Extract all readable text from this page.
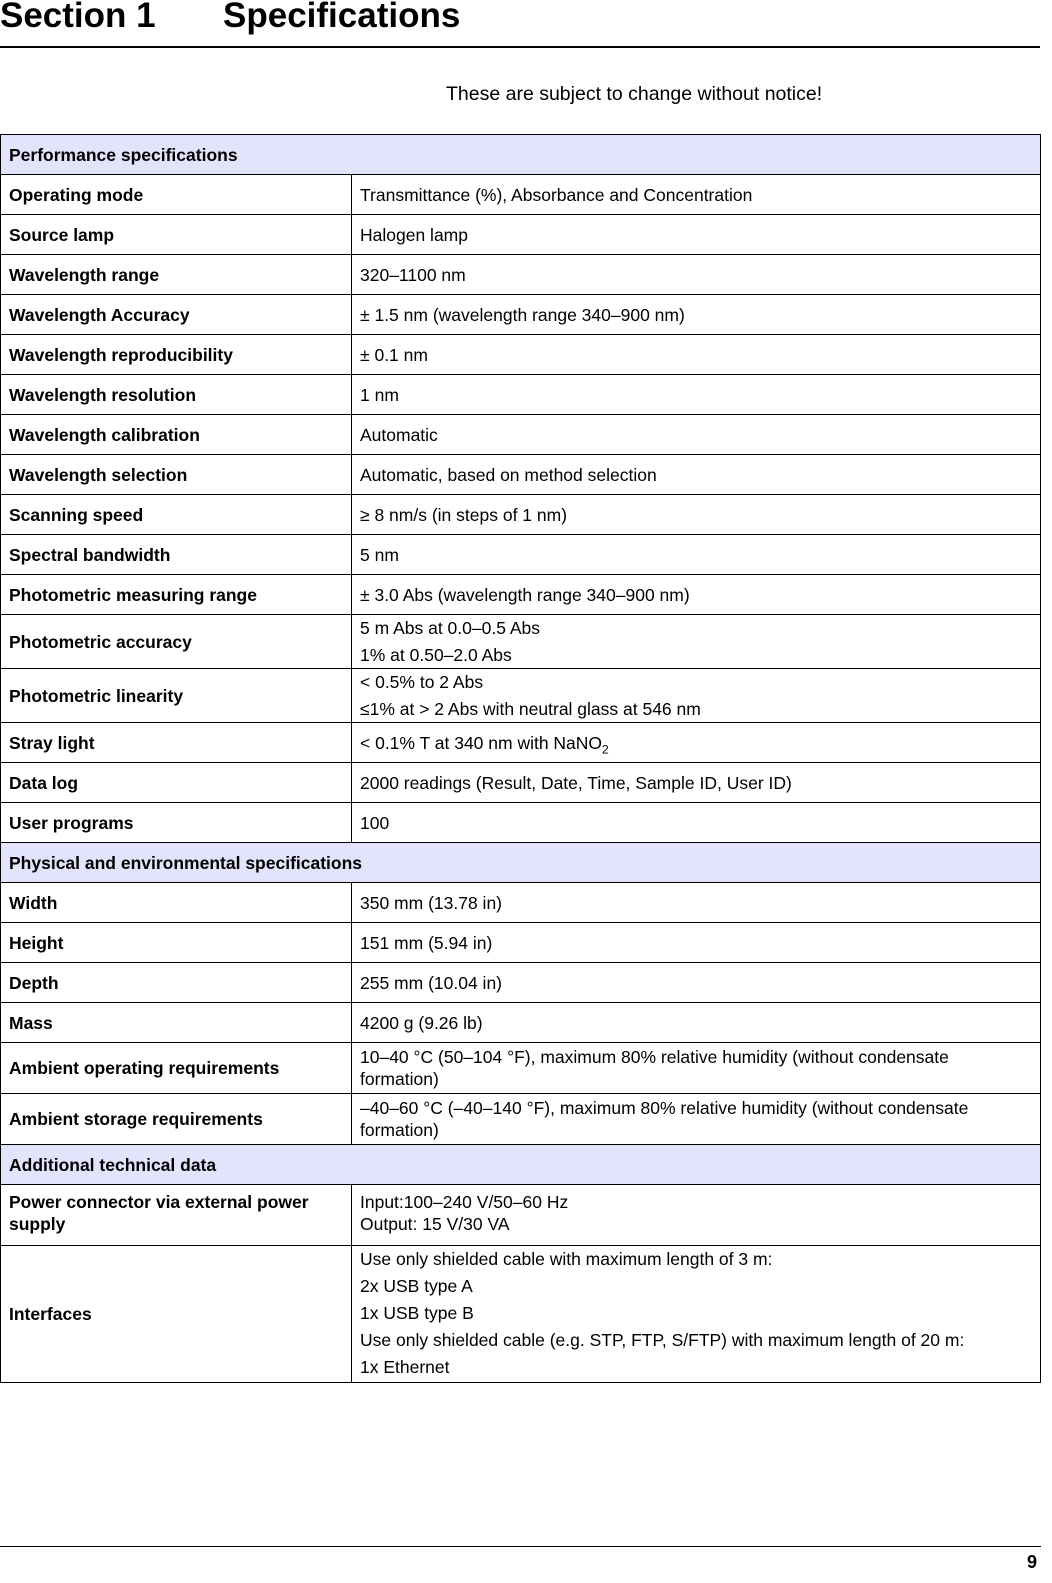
Section 1 Specifications
These are subject to change without notice!
Performance specifications	
Operating mode	Transmittance (%), Absorbance and Concentration
Source lamp	Halogen lamp
Wavelength range	320–1100 nm
Wavelength Accuracy	± 1.5 nm (wavelength range 340–900 nm)
Wavelength reproducibility	± 0.1 nm
Wavelength resolution	1 nm
Wavelength calibration	Automatic
Wavelength selection	Automatic, based on method selection
Scanning speed	≥ 8 nm/s (in steps of 1 nm)
Spectral bandwidth	5 nm
Photometric measuring range	± 3.0 Abs (wavelength range 340–900 nm)
Photometric accuracy	5 m Abs at 0.0–0.5 Abs
1% at 0.50–2.0 Abs

Photometric linearity	< 0.5% to 2 Abs
≤1% at > 2 Abs with neutral glass at 546 nm

Stray light	< 0.1% T at 340 nm with NaNO$_2$
Data log	2000 readings (Result, Date, Time, Sample ID, User ID)
User programs	100
Physical and environmental specifications	
Width	350 mm (13.78 in)
Height	151 mm (5.94 in)
Depth	255 mm (10.04 in)
Mass	4200 g (9.26 lb)
Ambient operating requirements	10–40 °C (50–104 °F), maximum 80% relative humidity (without condensate formation)
Ambient storage requirements	–40–60 °C (–40–140 °F), maximum 80% relative humidity (without condensate formation)
Additional technical data	
Power connector via external power supply	Input:100–240 V/50–60 Hz
Output: 15 V/30 VA

Interfaces	Use only shielded cable with maximum length of 3 m:
2x USB type A
1x USB type B
Use only shielded cable (e.g. STP, FTP, S/FTP) with maximum length of 20 m:
1x Ethernet
9
